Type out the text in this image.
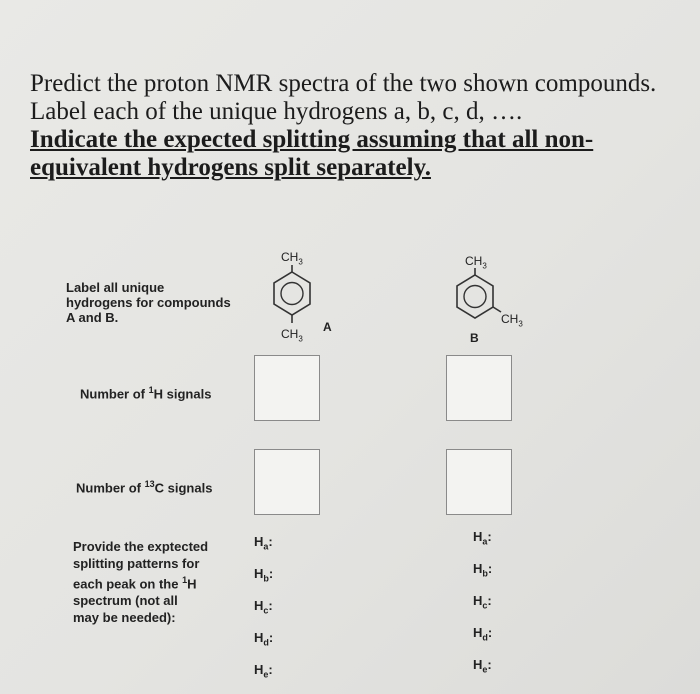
Predict the proton NMR spectra of the two shown compounds.
Label each of the unique hydrogens a, b, c, d, ….
Indicate the expected splitting assuming that all non-
equivalent hydrogens split separately.
Label all unique
hydrogens for compounds
A and B.
Number of $^1$H signals
Number of $^{13}$C signals
Provide the exptected
splitting patterns for
each peak on the $^1$H
spectrum (not all
may be needed):
$CH_3$
$CH_3$
A
$CH_3$
$CH_3$
B
$H_a$:
$H_b$:
$H_c$:
$H_d$:
$H_e$:
$H_a$:
$H_b$:
$H_c$:
$H_d$:
$H_e$:
